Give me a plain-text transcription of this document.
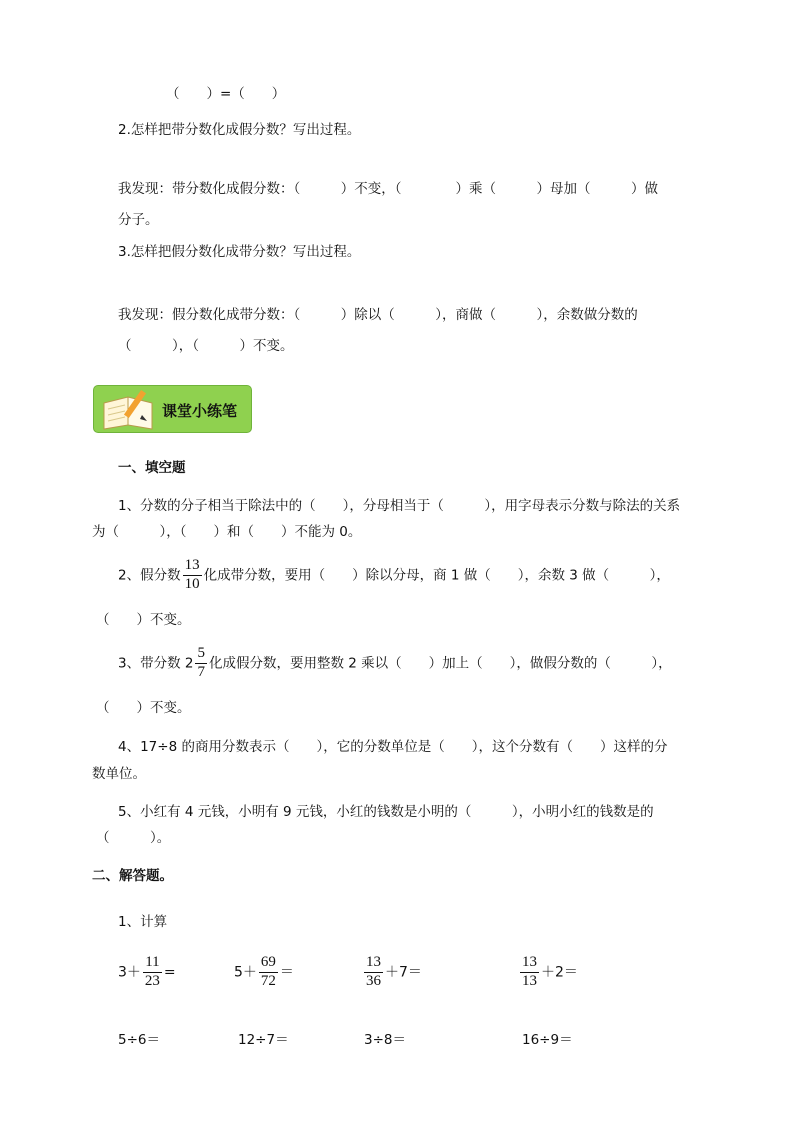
（　　）=（　　）
2.怎样把带分数化成假分数？写出过程。
我发现：带分数化成假分数：（　　　）不变，（　　　　）乘（　　　）母加（　　　）做
分子。
3.怎样把假分数化成带分数？写出过程。
我发现：假分数化成带分数：（　　　）除以（　　　），商做（　　　），余数做分数的
（　　　），（　　　）不变。
课堂小练笔
一、填空题
1、分数的分子相当于除法中的（　　），分母相当于（　　　），用字母表示分数与除法的关系
为（　　　），（　　）和（　　）不能为 0。
2、假分数 $\frac{13}{10}$ 化成带分数，要用（　　）除以分母，商 1 做（　　），余数 3 做（　　　），
（　　）不变。
3、带分数 $2 \frac{5}{7}$ 化成假分数，要用整数 2 乘以（　　）加上（　　），做假分数的（　　　），
（　　）不变。
4、17÷8 的商用分数表示（　　），它的分数单位是（　　），这个分数有（　　）这样的分
数单位。
5、小红有 4 元钱，小明有 9 元钱，小红的钱数是小明的（　　　），小明小红的钱数是的
（　　　）。
二、解答题。
1、计算
$3+ \frac{11}{23}$ =	$5+ \frac{69}{72}$ ＝	$\frac{13}{36} +7=$	$\frac{13}{13} +2=$
5÷6＝	12÷7＝	3÷8＝	16÷9＝
